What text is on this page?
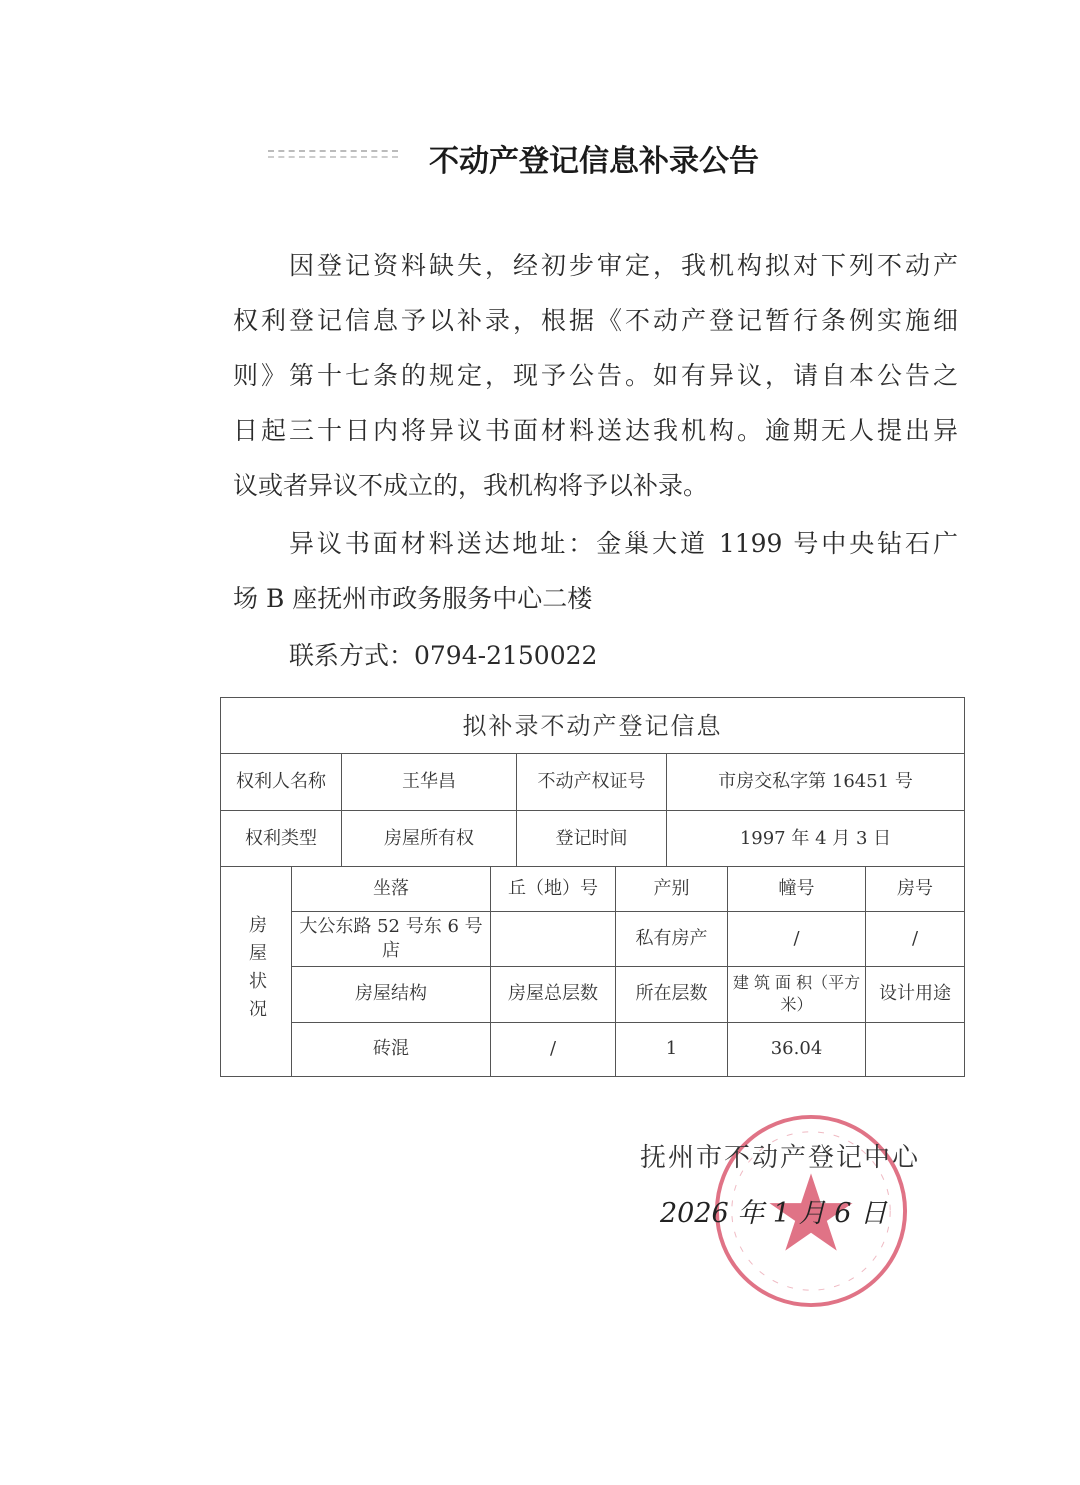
不动产登记信息补录公告
因登记资料缺失，经初步审定，我机构拟对下列不动产
权利登记信息予以补录，根据《不动产登记暂行条例实施细
则》第十七条的规定，现予公告。如有异议，请自本公告之
日起三十日内将异议书面材料送达我机构。逾期无人提出异
议或者异议不成立的，我机构将予以补录。
异议书面材料送达地址：金巢大道 1199 号中央钻石广
场 B 座抚州市政务服务中心二楼
联系方式：0794-2150022
拟补录不动产登记信息			
权利人名称	王华昌	不动产权证号	市房交私字第 16451 号
权利类型	房屋所有权	登记时间	1997 年 4 月 3 日
房屋状况	坐落	丘（地）号	产别	幢号	房号
	大公东路 52 号东 6 号店		私有房产	/	/
	房屋结构	房屋总层数	所在层数	建 筑 面 积（平方米）	设计用途
	砖混	/	1	36.04	
抚州市不动产登记中心
2026 年 1 月 6 日
